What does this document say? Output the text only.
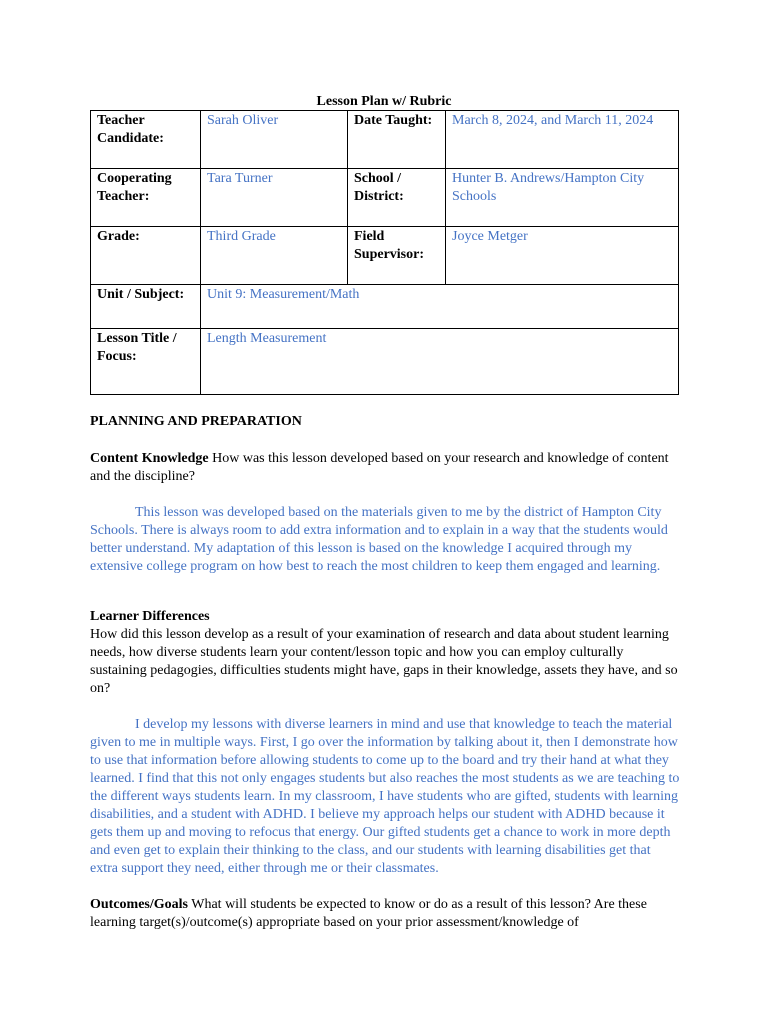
Lesson Plan w/ Rubric

Teacher Candidate:	Sarah Oliver	Date Taught:	March 8, 2024, and March 11, 2024
Cooperating Teacher:	Tara Turner	School / District:	Hunter B. Andrews/Hampton City Schools
Grade:	Third Grade	Field Supervisor:	Joyce Metger
Unit / Subject:	Unit 9: Measurement/Math		
Lesson Title / Focus:	Length Measurement		

PLANNING AND PREPARATION

Content Knowledge How was this lesson developed based on your research and knowledge of content and the discipline?

This lesson was developed based on the materials given to me by the district of Hampton City Schools. There is always room to add extra information and to explain in a way that the students would better understand. My adaptation of this lesson is based on the knowledge I acquired through my extensive college program on how best to reach the most children to keep them engaged and learning.

Learner Differences

How did this lesson develop as a result of your examination of research and data about student learning needs, how diverse students learn your content/lesson topic and how you can employ culturally sustaining pedagogies, difficulties students might have, gaps in their knowledge, assets they have, and so on?

I develop my lessons with diverse learners in mind and use that knowledge to teach the material given to me in multiple ways. First, I go over the information by talking about it, then I demonstrate how to use that information before allowing students to come up to the board and try their hand at what they learned. I find that this not only engages students but also reaches the most students as we are teaching to the different ways students learn. In my classroom, I have students who are gifted, students with learning disabilities, and a student with ADHD. I believe my approach helps our student with ADHD because it gets them up and moving to refocus that energy. Our gifted students get a chance to work in more depth and even get to explain their thinking to the class, and our students with learning disabilities get that extra support they need, either through me or their classmates.

Outcomes/Goals What will students be expected to know or do as a result of this lesson? Are these learning target(s)/outcome(s) appropriate based on your prior assessment/knowledge of
